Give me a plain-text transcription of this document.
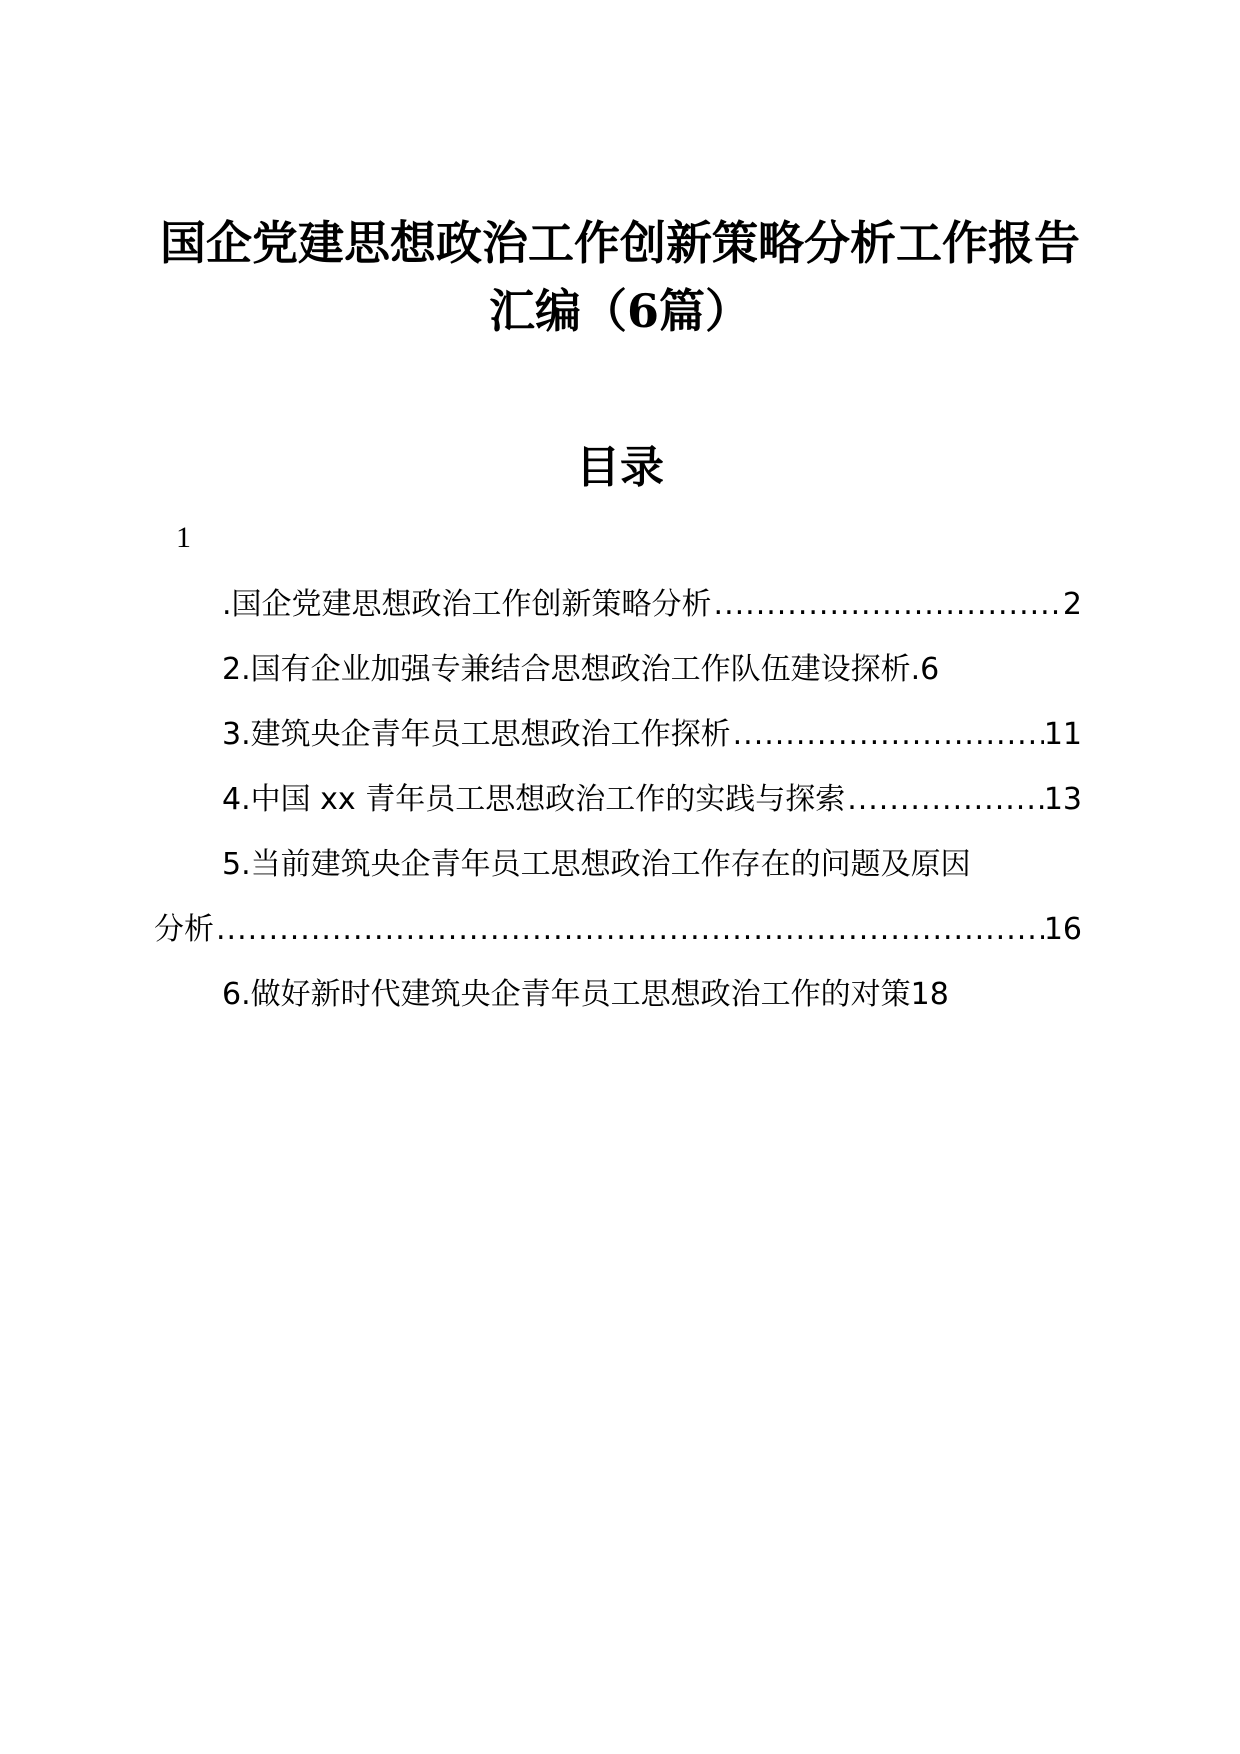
国企党建思想政治工作创新策略分析工作报告
汇编（6篇）
目录
1
.国企党建思想政治工作创新策略分析 .....	2
2.国有企业加强专兼结合思想政治工作队伍建设探析.6
3.建筑央企青年员工思想政治工作探析 .....	11
4.中国 xx 青年员工思想政治工作的实践与探索 .....	13
5.当前建筑央企青年员工思想政治工作存在的问题及原因
分析 .....	16
6.做好新时代建筑央企青年员工思想政治工作的对策18
